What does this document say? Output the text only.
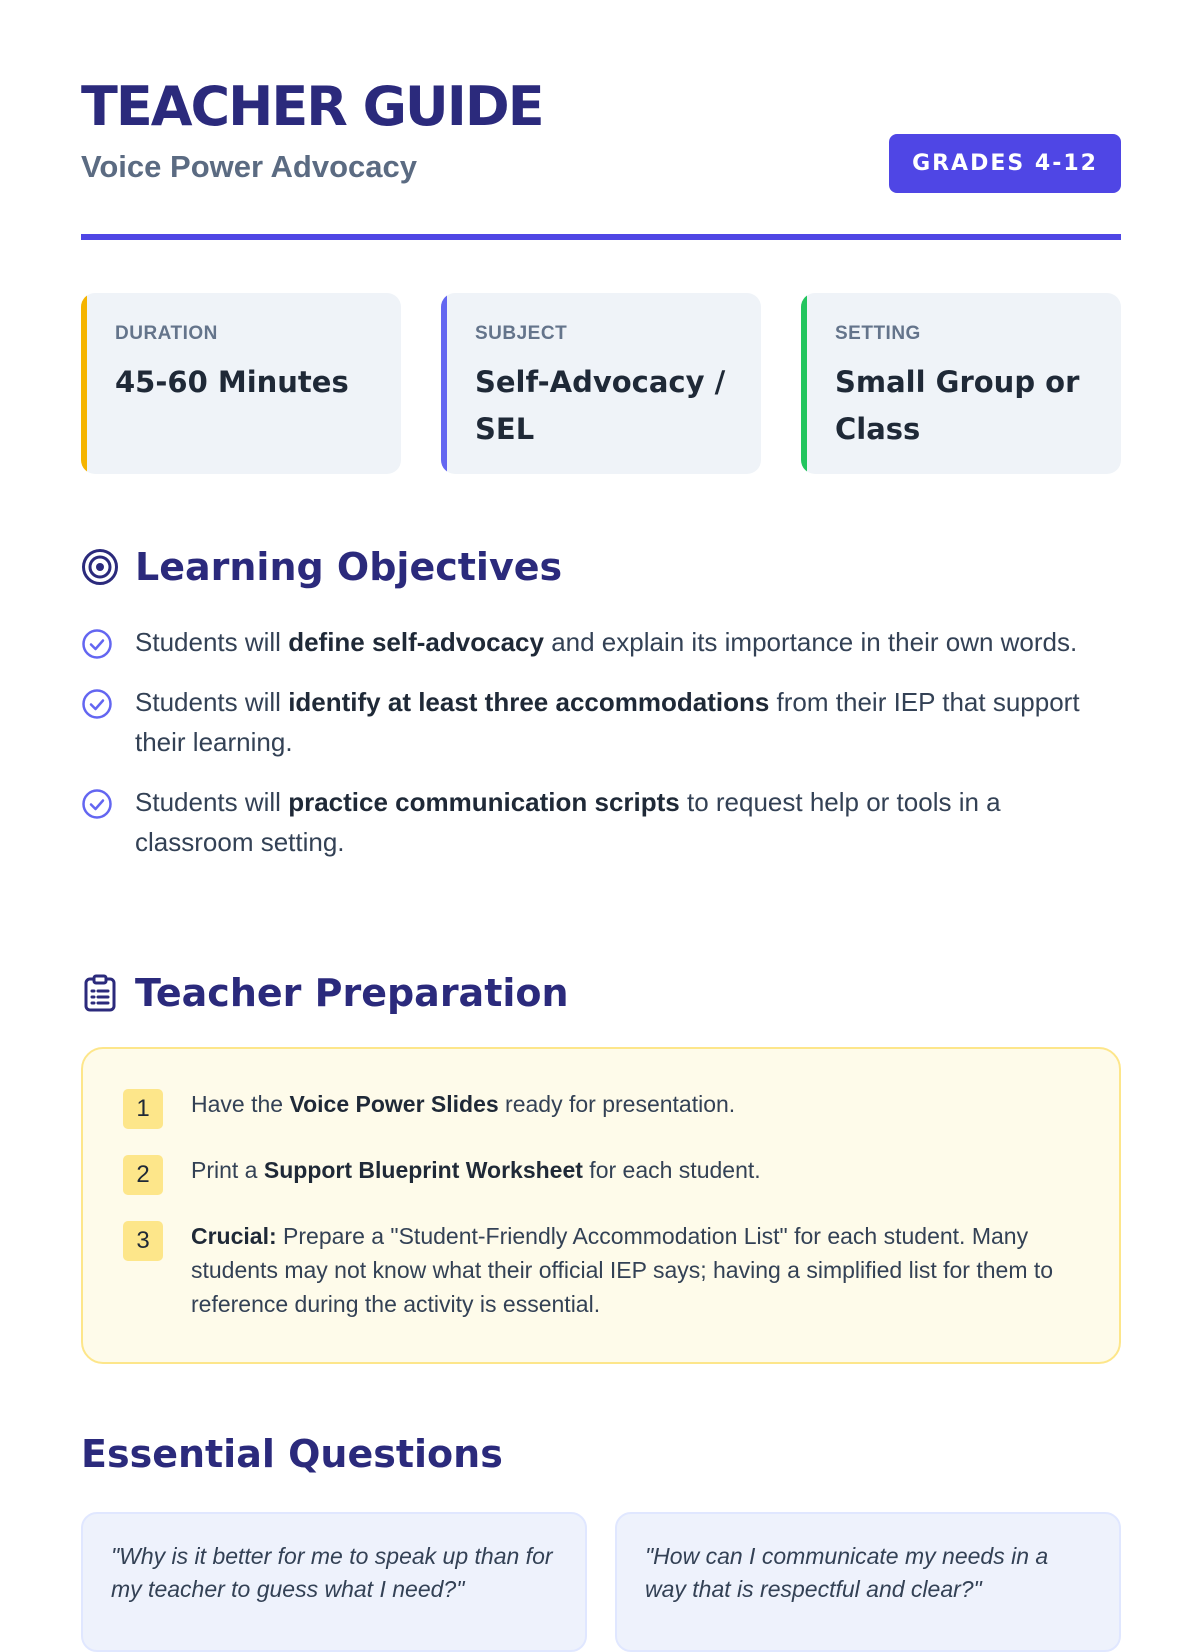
TEACHER GUIDE
Voice Power Advocacy	GRADES 4-12
DURATION
45-60 Minutes
SUBJECT
Self-Advocacy / SEL
SETTING
Small Group or Class
Learning Objectives
Students will define self-advocacy and explain its importance in their own words.
Students will identify at least three accommodations from their IEP that support their learning.
Students will practice communication scripts to request help or tools in a classroom setting.
Teacher Preparation
1	Have the Voice Power Slides ready for presentation.
2	Print a Support Blueprint Worksheet for each student.
3	Crucial: Prepare a "Student-Friendly Accommodation List" for each student. Many students may not know what their official IEP says; having a simplified list for them to reference during the activity is essential.
Essential Questions
"Why is it better for me to speak up than for my teacher to guess what I need?"
"How can I communicate my needs in a way that is respectful and clear?"
